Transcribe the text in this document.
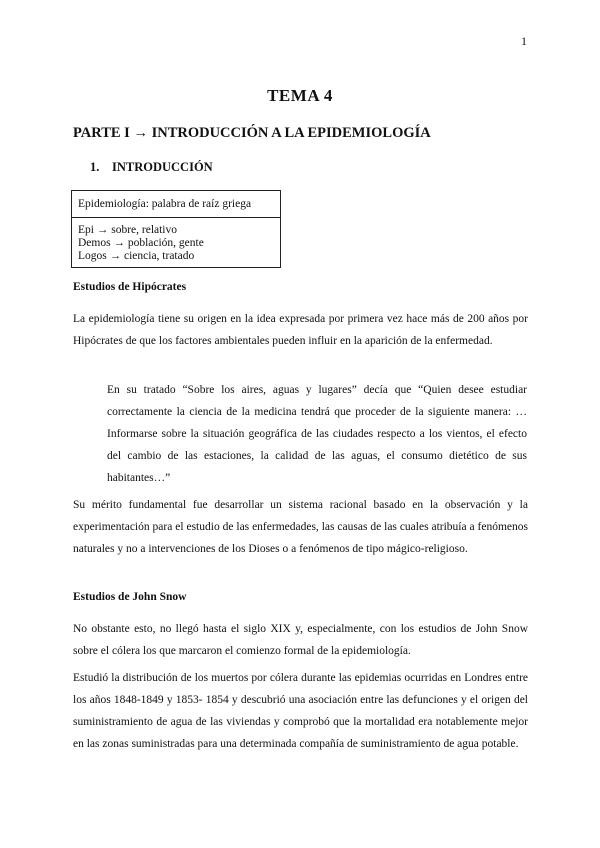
1
TEMA 4
PARTE I → INTRODUCCIÓN A LA EPIDEMIOLOGÍA
1. INTRODUCCIÓN
Epidemiología: palabra de raíz griega
Epi → sobre, relativo
Demos → población, gente
Logos → ciencia, tratado
Estudios de Hipócrates
La epidemiología tiene su origen en la idea expresada por primera vez hace más de 200 años por Hipócrates de que los factores ambientales pueden influir en la aparición de la enfermedad.
En su tratado “Sobre los aires, aguas y lugares” decía que “Quien desee estudiar correctamente la ciencia de la medicina tendrá que proceder de la siguiente manera: … Informarse sobre la situación geográfica de las ciudades respecto a los vientos, el efecto del cambio de las estaciones, la calidad de las aguas, el consumo dietético de sus habitantes…”
Su mérito fundamental fue desarrollar un sistema racional basado en la observación y la experimentación para el estudio de las enfermedades, las causas de las cuales atribuía a fenómenos naturales y no a intervenciones de los Dioses o a fenómenos de tipo mágico-religioso.
Estudios de John Snow
No obstante esto, no llegó hasta el siglo XIX y, especialmente, con los estudios de John Snow sobre el cólera los que marcaron el comienzo formal de la epidemiología.
Estudió la distribución de los muertos por cólera durante las epidemias ocurridas en Londres entre los años 1848-1849 y 1853- 1854 y descubrió una asociación entre las defunciones y el origen del suministramiento de agua de las viviendas y comprobó que la mortalidad era notablemente mejor en las zonas suministradas para una determinada compañía de suministramiento de agua potable.
